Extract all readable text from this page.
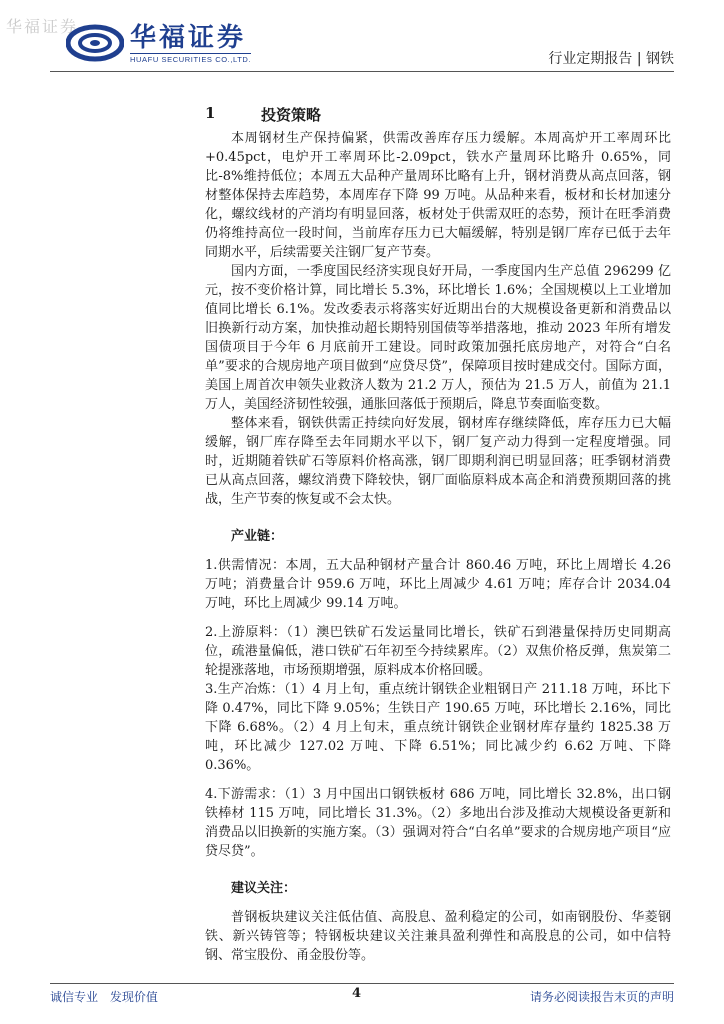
华福证券 华福证券
HUAFU SECURITIES CO.,LTD.	行业定期报告 | 钢铁
1	投资策略

本周钢材生产保持偏紧，供需改善库存压力缓解。本周高炉开工率周环比+0.45pct，电炉开工率周环比-2.09pct，铁水产量周环比略升 0.65%，同比-8%维持低位；本周五大品种产量周环比略有上升，钢材消费从高点回落，钢材整体保持去库趋势，本周库存下降 99 万吨。从品种来看，板材和长材加速分化，螺纹线材的产消均有明显回落，板材处于供需双旺的态势，预计在旺季消费仍将维持高位一段时间，当前库存压力已大幅缓解，特别是钢厂库存已低于去年同期水平，后续需要关注钢厂复产节奏。

国内方面，一季度国民经济实现良好开局，一季度国内生产总值 296299 亿元，按不变价格计算，同比增长 5.3%，环比增长 1.6%；全国规模以上工业增加值同比增长 6.1%。发改委表示将落实好近期出台的大规模设备更新和消费品以旧换新行动方案，加快推动超长期特别国债等举措落地，推动 2023 年所有增发国债项目于今年 6 月底前开工建设。同时政策加强托底房地产，对符合“白名单”要求的合规房地产项目做到“应贷尽贷”，保障项目按时建成交付。国际方面，美国上周首次申领失业救济人数为 21.2 万人，预估为 21.5 万人，前值为 21.1 万人，美国经济韧性较强，通胀回落低于预期后，降息节奏面临变数。

整体来看，钢铁供需正持续向好发展，钢材库存继续降低，库存压力已大幅缓解，钢厂库存降至去年同期水平以下，钢厂复产动力得到一定程度增强。同时，近期随着铁矿石等原料价格高涨，钢厂即期利润已明显回落；旺季钢材消费已从高点回落，螺纹消费下降较快，钢厂面临原料成本高企和消费预期回落的挑战，生产节奏的恢复或不会太快。

产业链：

1.供需情况：本周，五大品种钢材产量合计 860.46 万吨，环比上周增长 4.26 万吨；消费量合计 959.6 万吨，环比上周减少 4.61 万吨；库存合计 2034.04 万吨，环比上周减少 99.14 万吨。

2.上游原料：（1）澳巴铁矿石发运量同比增长，铁矿石到港量保持历史同期高位，疏港量偏低，港口铁矿石年初至今持续累库。（2）双焦价格反弹，焦炭第二轮提涨落地，市场预期增强，原料成本价格回暖。

3.生产冶炼：（1）4 月上旬，重点统计钢铁企业粗钢日产 211.18 万吨，环比下降 0.47%，同比下降 9.05%；生铁日产 190.65 万吨，环比增长 2.16%，同比下降 6.68%。（2）4 月上旬末，重点统计钢铁企业钢材库存量约 1825.38 万吨，环比减少 127.02 万吨、下降 6.51%；同比减少约 6.62 万吨、下降 0.36%。

4.下游需求：（1）3 月中国出口钢铁板材 686 万吨，同比增长 32.8%，出口钢铁棒材 115 万吨，同比增长 31.3%。（2）多地出台涉及推动大规模设备更新和消费品以旧换新的实施方案。（3）强调对符合“白名单”要求的合规房地产项目“应贷尽贷”。

建议关注：

普钢板块建议关注低估值、高股息、盈利稳定的公司，如南钢股份、华菱钢铁、新兴铸管等；特钢板块建议关注兼具盈利弹性和高股息的公司，如中信特钢、常宝股份、甬金股份等。

诚信专业 发现价值	4	请务必阅读报告末页的声明
